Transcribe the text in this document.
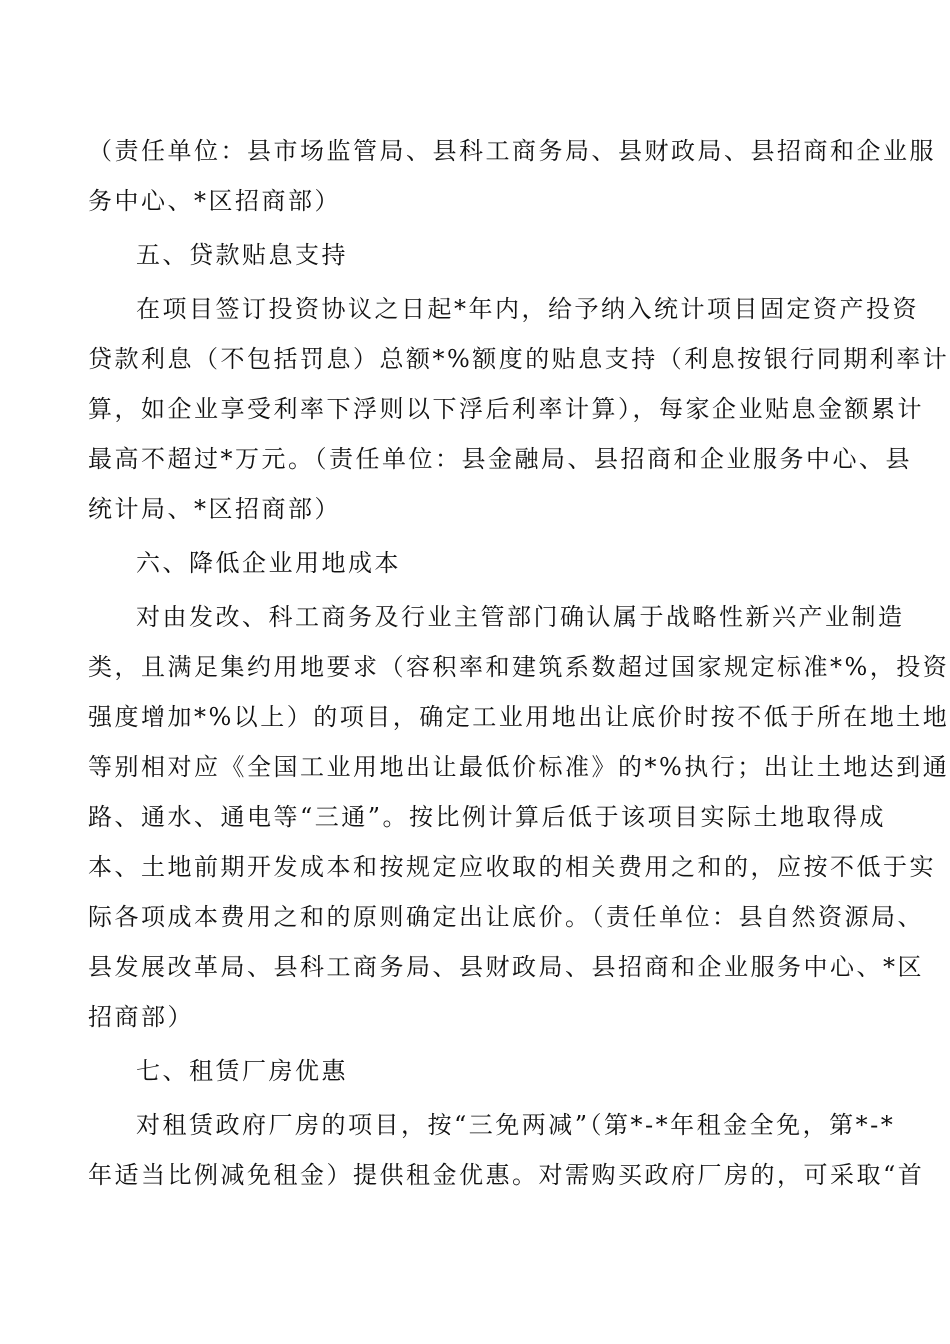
（责任单位：县市场监管局、县科工商务局、县财政局、县招商和企业服
务中心、*区招商部）
五、贷款贴息支持
在项目签订投资协议之日起*年内，给予纳入统计项目固定资产投资
贷款利息（不包括罚息）总额*%额度的贴息支持（利息按银行同期利率计
算，如企业享受利率下浮则以下浮后利率计算），每家企业贴息金额累计
最高不超过*万元。（责任单位：县金融局、县招商和企业服务中心、县
统计局、*区招商部）
六、降低企业用地成本
对由发改、科工商务及行业主管部门确认属于战略性新兴产业制造
类，且满足集约用地要求（容积率和建筑系数超过国家规定标准*%，投资
强度增加*%以上）的项目，确定工业用地出让底价时按不低于所在地土地
等别相对应《全国工业用地出让最低价标准》的*%执行；出让土地达到通
路、通水、通电等“三通”。按比例计算后低于该项目实际土地取得成
本、土地前期开发成本和按规定应收取的相关费用之和的，应按不低于实
际各项成本费用之和的原则确定出让底价。（责任单位：县自然资源局、
县发展改革局、县科工商务局、县财政局、县招商和企业服务中心、*区
招商部）
七、租赁厂房优惠
对租赁政府厂房的项目，按“三免两减”（第*-*年租金全免，第*-*
年适当比例减免租金）提供租金优惠。对需购买政府厂房的，可采取“首
